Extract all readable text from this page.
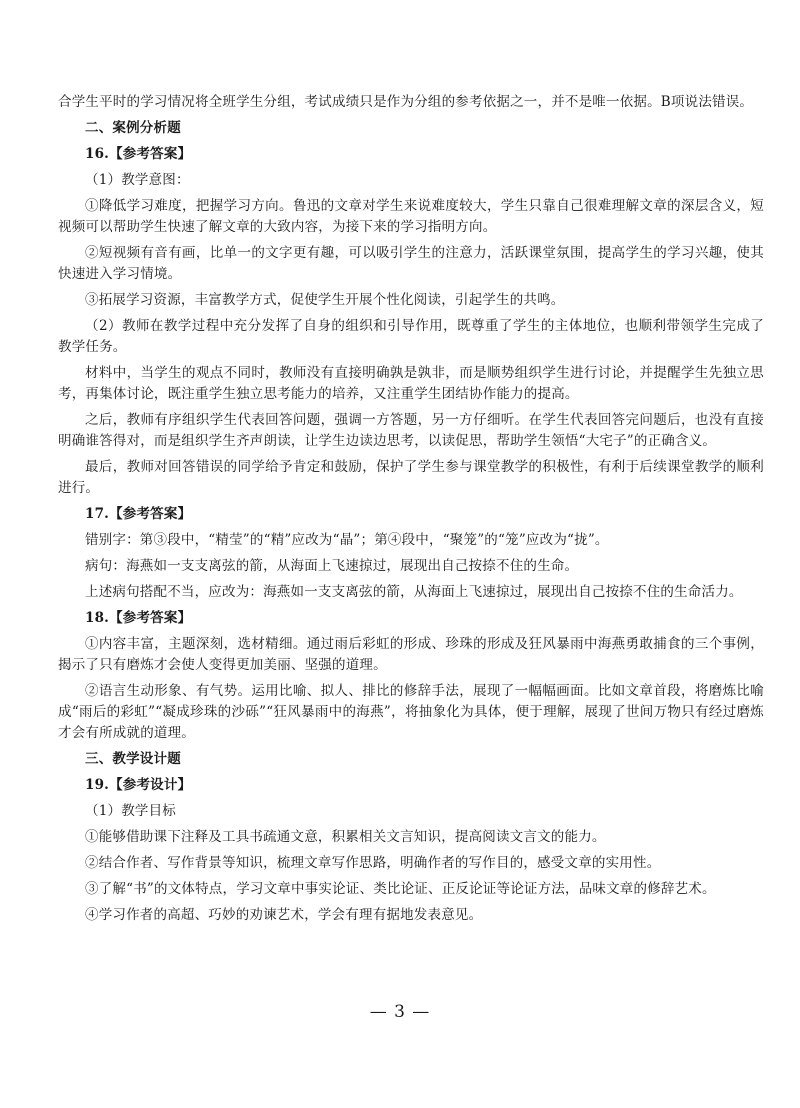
合学生平时的学习情况将全班学生分组，考试成绩只是作为分组的参考依据之一，并不是唯一依据。B项说法错误。

二、案例分析题

16.【参考答案】

（1）教学意图：

①降低学习难度，把握学习方向。鲁迅的文章对学生来说难度较大，学生只靠自己很难理解文章的深层含义，短视频可以帮助学生快速了解文章的大致内容，为接下来的学习指明方向。

②短视频有音有画，比单一的文字更有趣，可以吸引学生的注意力，活跃课堂氛围，提高学生的学习兴趣，使其快速进入学习情境。

③拓展学习资源，丰富教学方式，促使学生开展个性化阅读，引起学生的共鸣。

（2）教师在教学过程中充分发挥了自身的组织和引导作用，既尊重了学生的主体地位，也顺利带领学生完成了教学任务。

材料中，当学生的观点不同时，教师没有直接明确孰是孰非，而是顺势组织学生进行讨论，并提醒学生先独立思考，再集体讨论，既注重学生独立思考能力的培养，又注重学生团结协作能力的提高。

之后，教师有序组织学生代表回答问题，强调一方答题，另一方仔细听。在学生代表回答完问题后，也没有直接明确谁答得对，而是组织学生齐声朗读，让学生边读边思考，以读促思，帮助学生领悟“大宅子”的正确含义。

最后，教师对回答错误的同学给予肯定和鼓励，保护了学生参与课堂教学的积极性，有利于后续课堂教学的顺利进行。

17.【参考答案】

错别字：第③段中，“精莹”的“精”应改为“晶”；第④段中，“聚笼”的“笼”应改为“拢”。

病句：海燕如一支支离弦的箭，从海面上飞速掠过，展现出自己按捺不住的生命。

上述病句搭配不当，应改为：海燕如一支支离弦的箭，从海面上飞速掠过，展现出自己按捺不住的生命活力。

18.【参考答案】

①内容丰富，主题深刻，选材精细。通过雨后彩虹的形成、珍珠的形成及狂风暴雨中海燕勇敢捕食的三个事例，揭示了只有磨炼才会使人变得更加美丽、坚强的道理。

②语言生动形象、有气势。运用比喻、拟人、排比的修辞手法，展现了一幅幅画面。比如文章首段，将磨炼比喻成“雨后的彩虹”“凝成珍珠的沙砾”“狂风暴雨中的海燕”，将抽象化为具体，便于理解，展现了世间万物只有经过磨炼才会有所成就的道理。

三、教学设计题

19.【参考设计】

（1）教学目标

①能够借助课下注释及工具书疏通文意，积累相关文言知识，提高阅读文言文的能力。

②结合作者、写作背景等知识，梳理文章写作思路，明确作者的写作目的，感受文章的实用性。

③了解“书”的文体特点，学习文章中事实论证、类比论证、正反论证等论证方法，品味文章的修辞艺术。

④学习作者的高超、巧妙的劝谏艺术，学会有理有据地发表意见。

— 3 —
